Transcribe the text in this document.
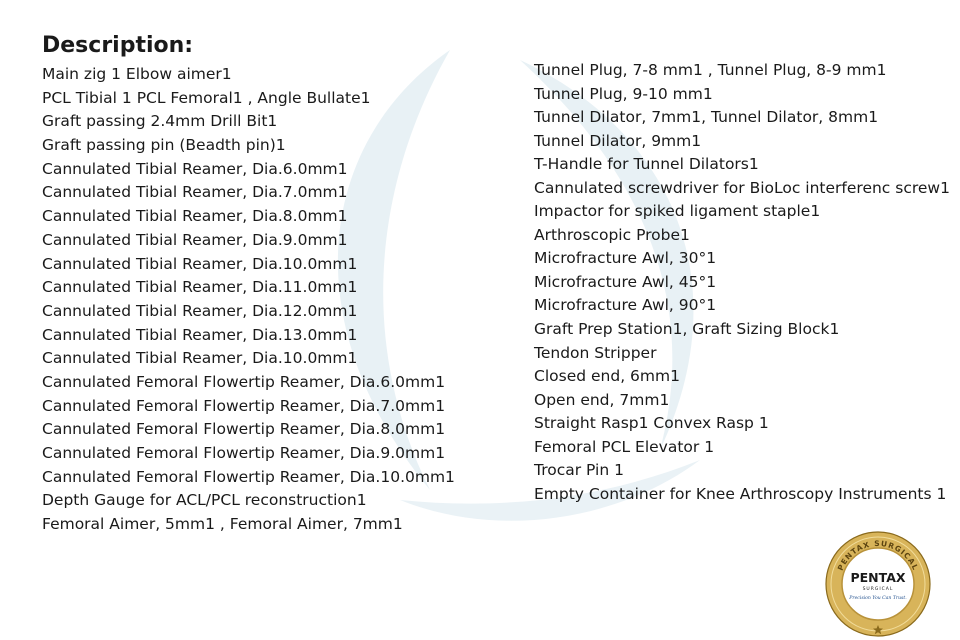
Description:
Main zig 1 Elbow aimer1
PCL Tibial 1 PCL Femoral1 , Angle Bullate1
Graft passing 2.4mm Drill Bit1
Graft passing pin (Beadth pin)1
Cannulated Tibial Reamer, Dia.6.0mm1
Cannulated Tibial Reamer, Dia.7.0mm1
Cannulated Tibial Reamer, Dia.8.0mm1
Cannulated Tibial Reamer, Dia.9.0mm1
Cannulated Tibial Reamer, Dia.10.0mm1
Cannulated Tibial Reamer, Dia.11.0mm1
Cannulated Tibial Reamer, Dia.12.0mm1
Cannulated Tibial Reamer, Dia.13.0mm1
Cannulated Tibial Reamer, Dia.10.0mm1
Cannulated Femoral Flowertip Reamer, Dia.6.0mm1
Cannulated Femoral Flowertip Reamer, Dia.7.0mm1
Cannulated Femoral Flowertip Reamer, Dia.8.0mm1
Cannulated Femoral Flowertip Reamer, Dia.9.0mm1
Cannulated Femoral Flowertip Reamer, Dia.10.0mm1
Depth Gauge for ACL/PCL reconstruction1
Femoral Aimer, 5mm1 , Femoral Aimer, 7mm1
Tunnel Plug, 7-8 mm1 , Tunnel Plug, 8-9 mm1
Tunnel Plug, 9-10 mm1
Tunnel Dilator, 7mm1, Tunnel Dilator, 8mm1
Tunnel Dilator, 9mm1
T-Handle for Tunnel Dilators1
Cannulated screwdriver for BioLoc interferenc screw1
Impactor for spiked ligament staple1
Arthroscopic Probe1
Microfracture Awl, 30°1
Microfracture Awl, 45°1
Microfracture Awl, 90°1
Graft Prep Station1, Graft Sizing Block1
Tendon Stripper
Closed end, 6mm1
Open end, 7mm1
Straight Rasp1 Convex Rasp 1
Femoral PCL Elevator 1
Trocar Pin 1
Empty Container for Knee Arthroscopy Instruments 1
PENTAX SURGICAL
PENTAX
SURGICAL
Precision You Can Trust.
